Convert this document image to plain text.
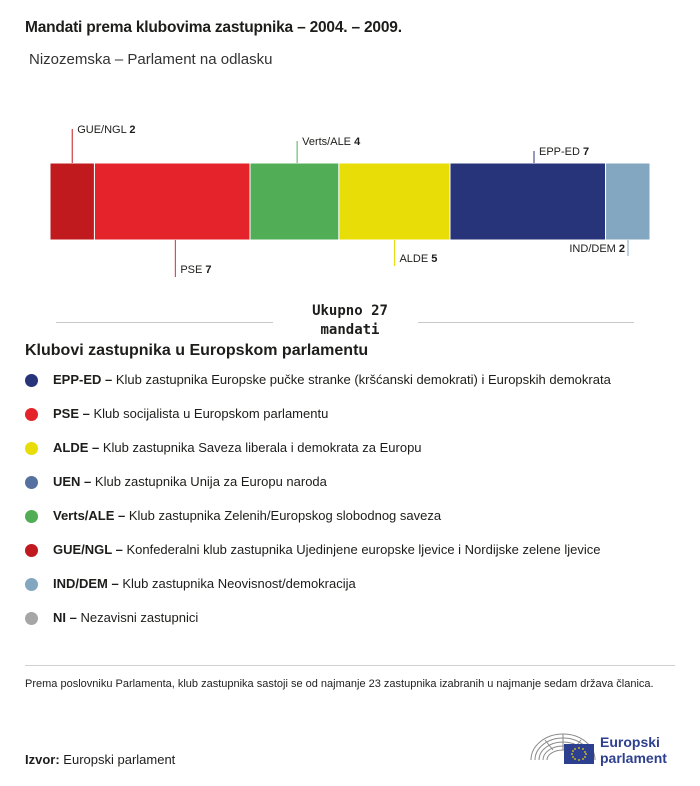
Mandati prema klubovima zastupnika – 2004. – 2009.
Nizozemska – Parlament na odlasku
GUE/NGL 2
PSE 7
Verts/ALE 4
ALDE 5
EPP-ED 7
IND/DEM 2
Ukupno 27
mandati
Klubovi zastupnika u Europskom parlamentu
EPP-ED – Klub zastupnika Europske pučke stranke (kršćanski demokrati) i Europskih demokrata
PSE – Klub socijalista u Europskom parlamentu
ALDE – Klub zastupnika Saveza liberala i demokrata za Europu
UEN – Klub zastupnika Unija za Europu naroda
Verts/ALE – Klub zastupnika Zelenih/Europskog slobodnog saveza
GUE/NGL – Konfederalni klub zastupnika Ujedinjene europske ljevice i Nordijske zelene ljevice
IND/DEM – Klub zastupnika Neovisnost/demokracija
NI – Nezavisni zastupnici
Prema poslovniku Parlamenta, klub zastupnika sastoji se od najmanje 23 zastupnika izabranih u najmanje sedam država članica.
Izvor: Europski parlament
Europski
parlament
